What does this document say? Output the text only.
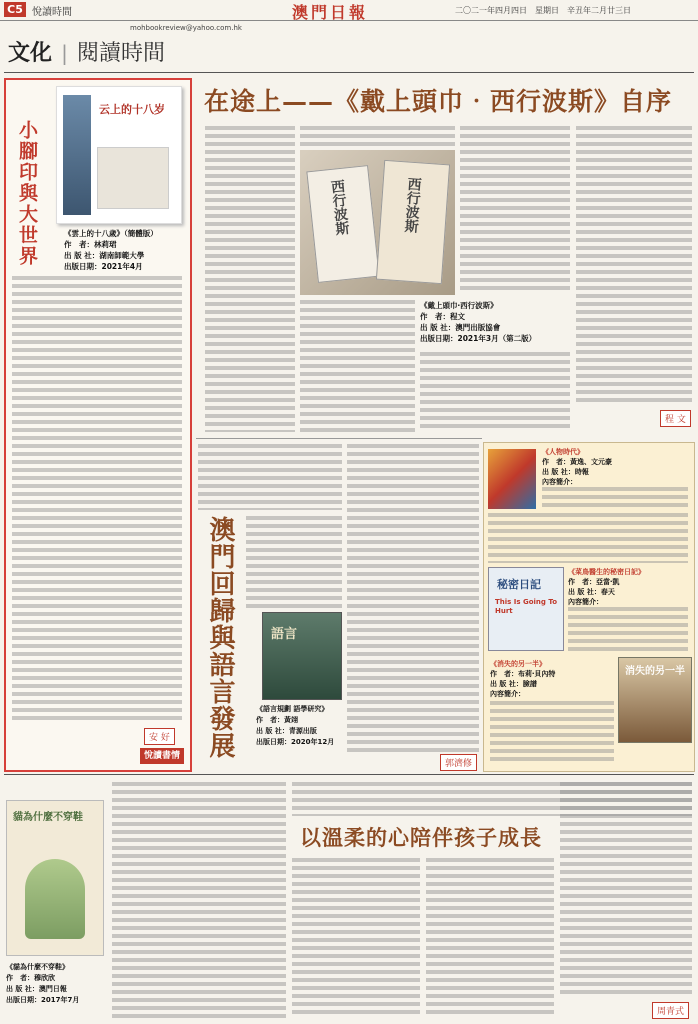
C5 悅讀時間	澳門日報	二〇二一年四月四日　星期日　辛丑年二月廿三日
mohbookreview@yahoo.com.hk
文化 | 閱讀時間
小腳印與大世界
云上的十八岁
《雲上的十八歲》（簡體版）
作　者：林莉珺
出 版 社：湖南師範大學
出版日期：2021年4月
安 好
悅讀書情
在途上——《戴上頭巾‧西行波斯》自序
西行波斯	西行波斯
《戴上頭巾‧西行波斯》
作　者：程文
出 版 社：澳門出版協會
出版日期：2021年3月（第二版）
程 文
澳門回歸與語言發展	語言
《語言規劃 語學研究》
作　者：黃翊
出 版 社：青源出版
出版日期：2020年12月
郭濟修
《人物時代》
作　者：黃逸、文元豪
出 版 社：時報
內容簡介：
秘密日記
This Is Going To Hurt
《菜鳥醫生的秘密日記》
作　者：亞當‧凱
出 版 社：春天
內容簡介：
《消失的另一半》
作　者：布莉‧貝內特
出 版 社：臉譜
內容簡介：
消失的另一半
貓為什麼不穿鞋
《貓為什麼不穿鞋》
作　者：穆欣欣
出 版 社：澳門日報
出版日期：2017年7月
以溫柔的心陪伴孩子成長
周青式
